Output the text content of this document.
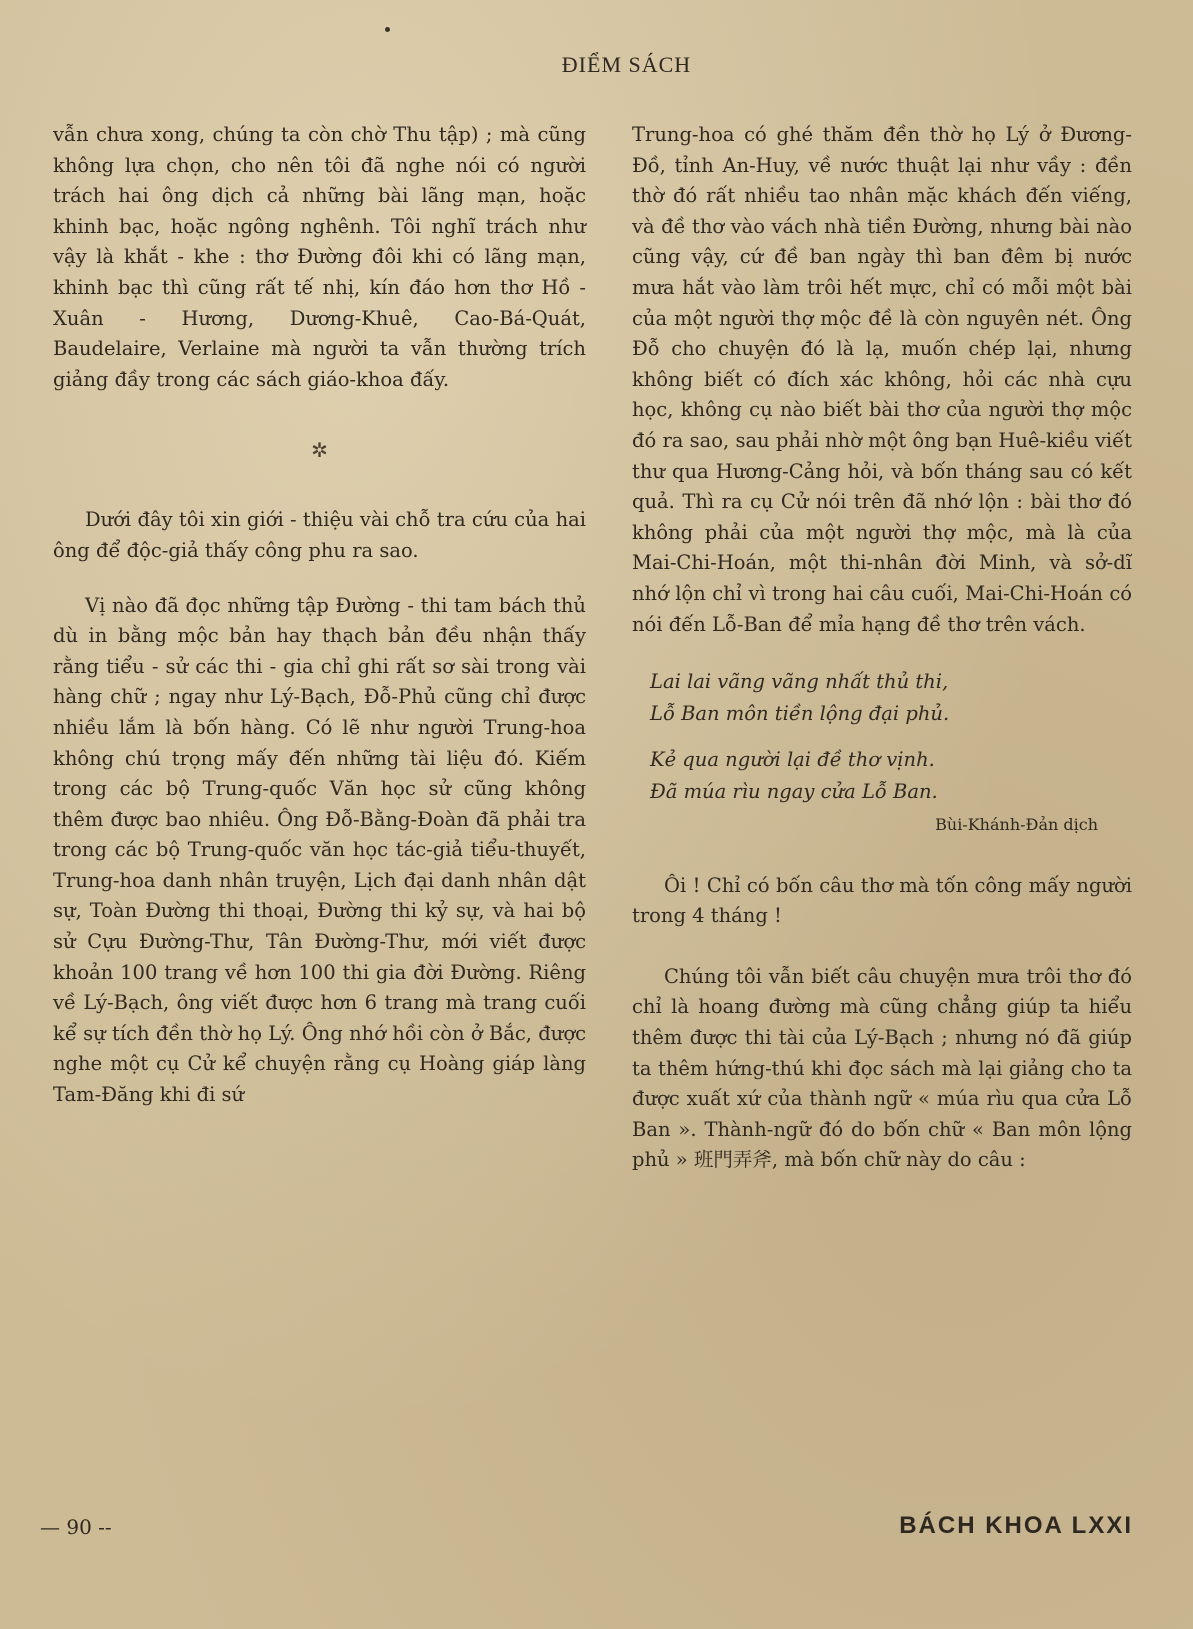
ĐIỂM SÁCH

vẫn chưa xong, chúng ta còn chờ Thu tập) ; mà cũng không lựa chọn, cho nên tôi đã nghe nói có người trách hai ông dịch cả những bài lãng mạn, hoặc khinh bạc, hoặc ngông nghênh. Tôi nghĩ trách như vậy là khắt - khe : thơ Đường đôi khi có lãng mạn, khinh bạc thì cũng rất tế nhị, kín đáo hơn thơ Hồ - Xuân - Hương, Dương-Khuê, Cao-Bá-Quát, Baudelaire, Verlaine mà người ta vẫn thường trích giảng đầy trong các sách giáo-khoa đấy.

✲

Dưới đây tôi xin giới - thiệu vài chỗ tra cứu của hai ông để độc-giả thấy công phu ra sao.

Vị nào đã đọc những tập Đường - thi tam bách thủ dù in bằng mộc bản hay thạch bản đều nhận thấy rằng tiểu - sử các thi - gia chỉ ghi rất sơ sài trong vài hàng chữ ; ngay như Lý-Bạch, Đỗ-Phủ cũng chỉ được nhiều lắm là bốn hàng. Có lẽ như người Trung-hoa không chú trọng mấy đến những tài liệu đó. Kiếm trong các bộ Trung-quốc Văn học sử cũng không thêm được bao nhiêu. Ông Đỗ-Bằng-Đoàn đã phải tra trong các bộ Trung-quốc văn học tác-giả tiểu-thuyết, Trung-hoa danh nhân truyện, Lịch đại danh nhân dật sự, Toàn Đường thi thoại, Đường thi kỷ sự, và hai bộ sử Cựu Đường-Thư, Tân Đường-Thư, mới viết được khoản 100 trang về hơn 100 thi gia đời Đường. Riêng về Lý-Bạch, ông viết được hơn 6 trang mà trang cuối kể sự tích đền thờ họ Lý. Ông nhớ hồi còn ở Bắc, được nghe một cụ Cử kể chuyện rằng cụ Hoàng giáp làng Tam-Đăng khi đi sứ

Trung-hoa có ghé thăm đền thờ họ Lý ở Đương-Đồ, tỉnh An-Huy, về nước thuật lại như vầy : đền thờ đó rất nhiều tao nhân mặc khách đến viếng, và đề thơ vào vách nhà tiền Đường, nhưng bài nào cũng vậy, cứ đề ban ngày thì ban đêm bị nước mưa hắt vào làm trôi hết mực, chỉ có mỗi một bài của một người thợ mộc đề là còn nguyên nét. Ông Đỗ cho chuyện đó là lạ, muốn chép lại, nhưng không biết có đích xác không, hỏi các nhà cựu học, không cụ nào biết bài thơ của người thợ mộc đó ra sao, sau phải nhờ một ông bạn Huê-kiều viết thư qua Hương-Cảng hỏi, và bốn tháng sau có kết quả. Thì ra cụ Cử nói trên đã nhớ lộn : bài thơ đó không phải của một người thợ mộc, mà là của Mai-Chi-Hoán, một thi-nhân đời Minh, và sở-dĩ nhớ lộn chỉ vì trong hai câu cuối, Mai-Chi-Hoán có nói đến Lỗ-Ban để mỉa hạng đề thơ trên vách.

Lai lai vãng vãng nhất thủ thi,

Lỗ Ban môn tiền lộng đại phủ.

Kẻ qua người lại đề thơ vịnh.

Đã múa rìu ngay cửa Lỗ Ban.

Bùi-Khánh-Đản dịch

Ôi ! Chỉ có bốn câu thơ mà tốn công mấy người trong 4 tháng !

Chúng tôi vẫn biết câu chuyện mưa trôi thơ đó chỉ là hoang đường mà cũng chẳng giúp ta hiểu thêm được thi tài của Lý-Bạch ; nhưng nó đã giúp ta thêm hứng-thú khi đọc sách mà lại giảng cho ta được xuất xứ của thành ngữ « múa rìu qua cửa Lỗ Ban ». Thành-ngữ đó do bốn chữ « Ban môn lộng phủ » 班門弄斧, mà bốn chữ này do câu :

— 90 --	BÁCH KHOA LXXI
